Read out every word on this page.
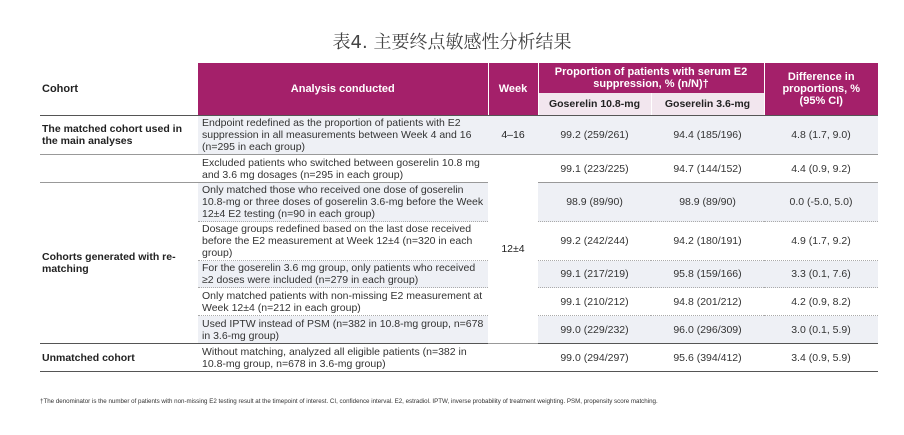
表4. 主要终点敏感性分析结果
Cohort	Analysis conducted	Week	Proportion of patients with serum E2 suppression, % (n/N)†		Difference in proportions, % (95% CI)
			Goserelin 10.8-mg	Goserelin 3.6-mg	
The matched cohort used in the main analyses	Endpoint redefined as the proportion of patients with E2 suppression in all measurements between Week 4 and 16 (n=295 in each group)	4–16	99.2 (259/261)	94.4 (185/196)	4.8 (1.7, 9.0)
	Excluded patients who switched between goserelin 10.8 mg and 3.6 mg dosages (n=295 in each group)	12±4	99.1 (223/225)	94.7 (144/152)	4.4 (0.9, 9.2)
Cohorts generated with re-matching	Only matched those who received one dose of goserelin 10.8-mg or three doses of goserelin 3.6-mg before the Week 12±4 E2 testing (n=90 in each group)		98.9 (89/90)	98.9 (89/90)	0.0 (-5.0, 5.0)
	Dosage groups redefined based on the last dose received before the E2 measurement at Week 12±4 (n=320 in each group)		99.2 (242/244)	94.2 (180/191)	4.9 (1.7, 9.2)
	For the goserelin 3.6 mg group, only patients who received ≥2 doses were included (n=279 in each group)		99.1 (217/219)	95.8 (159/166)	3.3 (0.1, 7.6)
	Only matched patients with non-missing E2 measurement at Week 12±4 (n=212 in each group)		99.1 (210/212)	94.8 (201/212)	4.2 (0.9, 8.2)
	Used IPTW instead of PSM (n=382 in 10.8-mg group, n=678 in 3.6-mg group)		99.0 (229/232)	96.0 (296/309)	3.0 (0.1, 5.9)
Unmatched cohort	Without matching, analyzed all eligible patients (n=382 in 10.8-mg group, n=678 in 3.6-mg group)		99.0 (294/297)	95.6 (394/412)	3.4 (0.9, 5.9)
†The denominator is the number of patients with non-missing E2 testing result at the timepoint of interest. CI, confidence interval. E2, estradiol. IPTW, inverse probability of treatment weighting. PSM, propensity score matching.
